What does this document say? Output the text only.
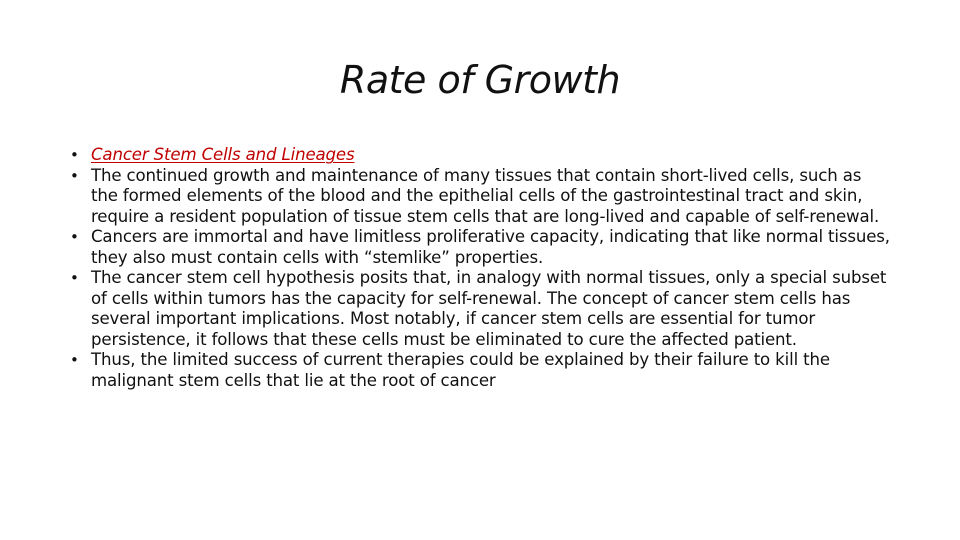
Rate of Growth
• Cancer Stem Cells and Lineages
• The continued growth and maintenance of many tissues that contain short-lived cells, such as the formed elements of the blood and the epithelial cells of the gastrointestinal tract and skin, require a resident population of tissue stem cells that are long-lived and capable of self-renewal.
• Cancers are immortal and have limitless proliferative capacity, indicating that like normal tissues, they also must contain cells with “stemlike” properties.
• The cancer stem cell hypothesis posits that, in analogy with normal tissues, only a special subset of cells within tumors has the capacity for self-renewal. The concept of cancer stem cells has several important implications. Most notably, if cancer stem cells are essential for tumor persistence, it follows that these cells must be eliminated to cure the affected patient.
• Thus, the limited success of current therapies could be explained by their failure to kill the malignant stem cells that lie at the root of cancer
